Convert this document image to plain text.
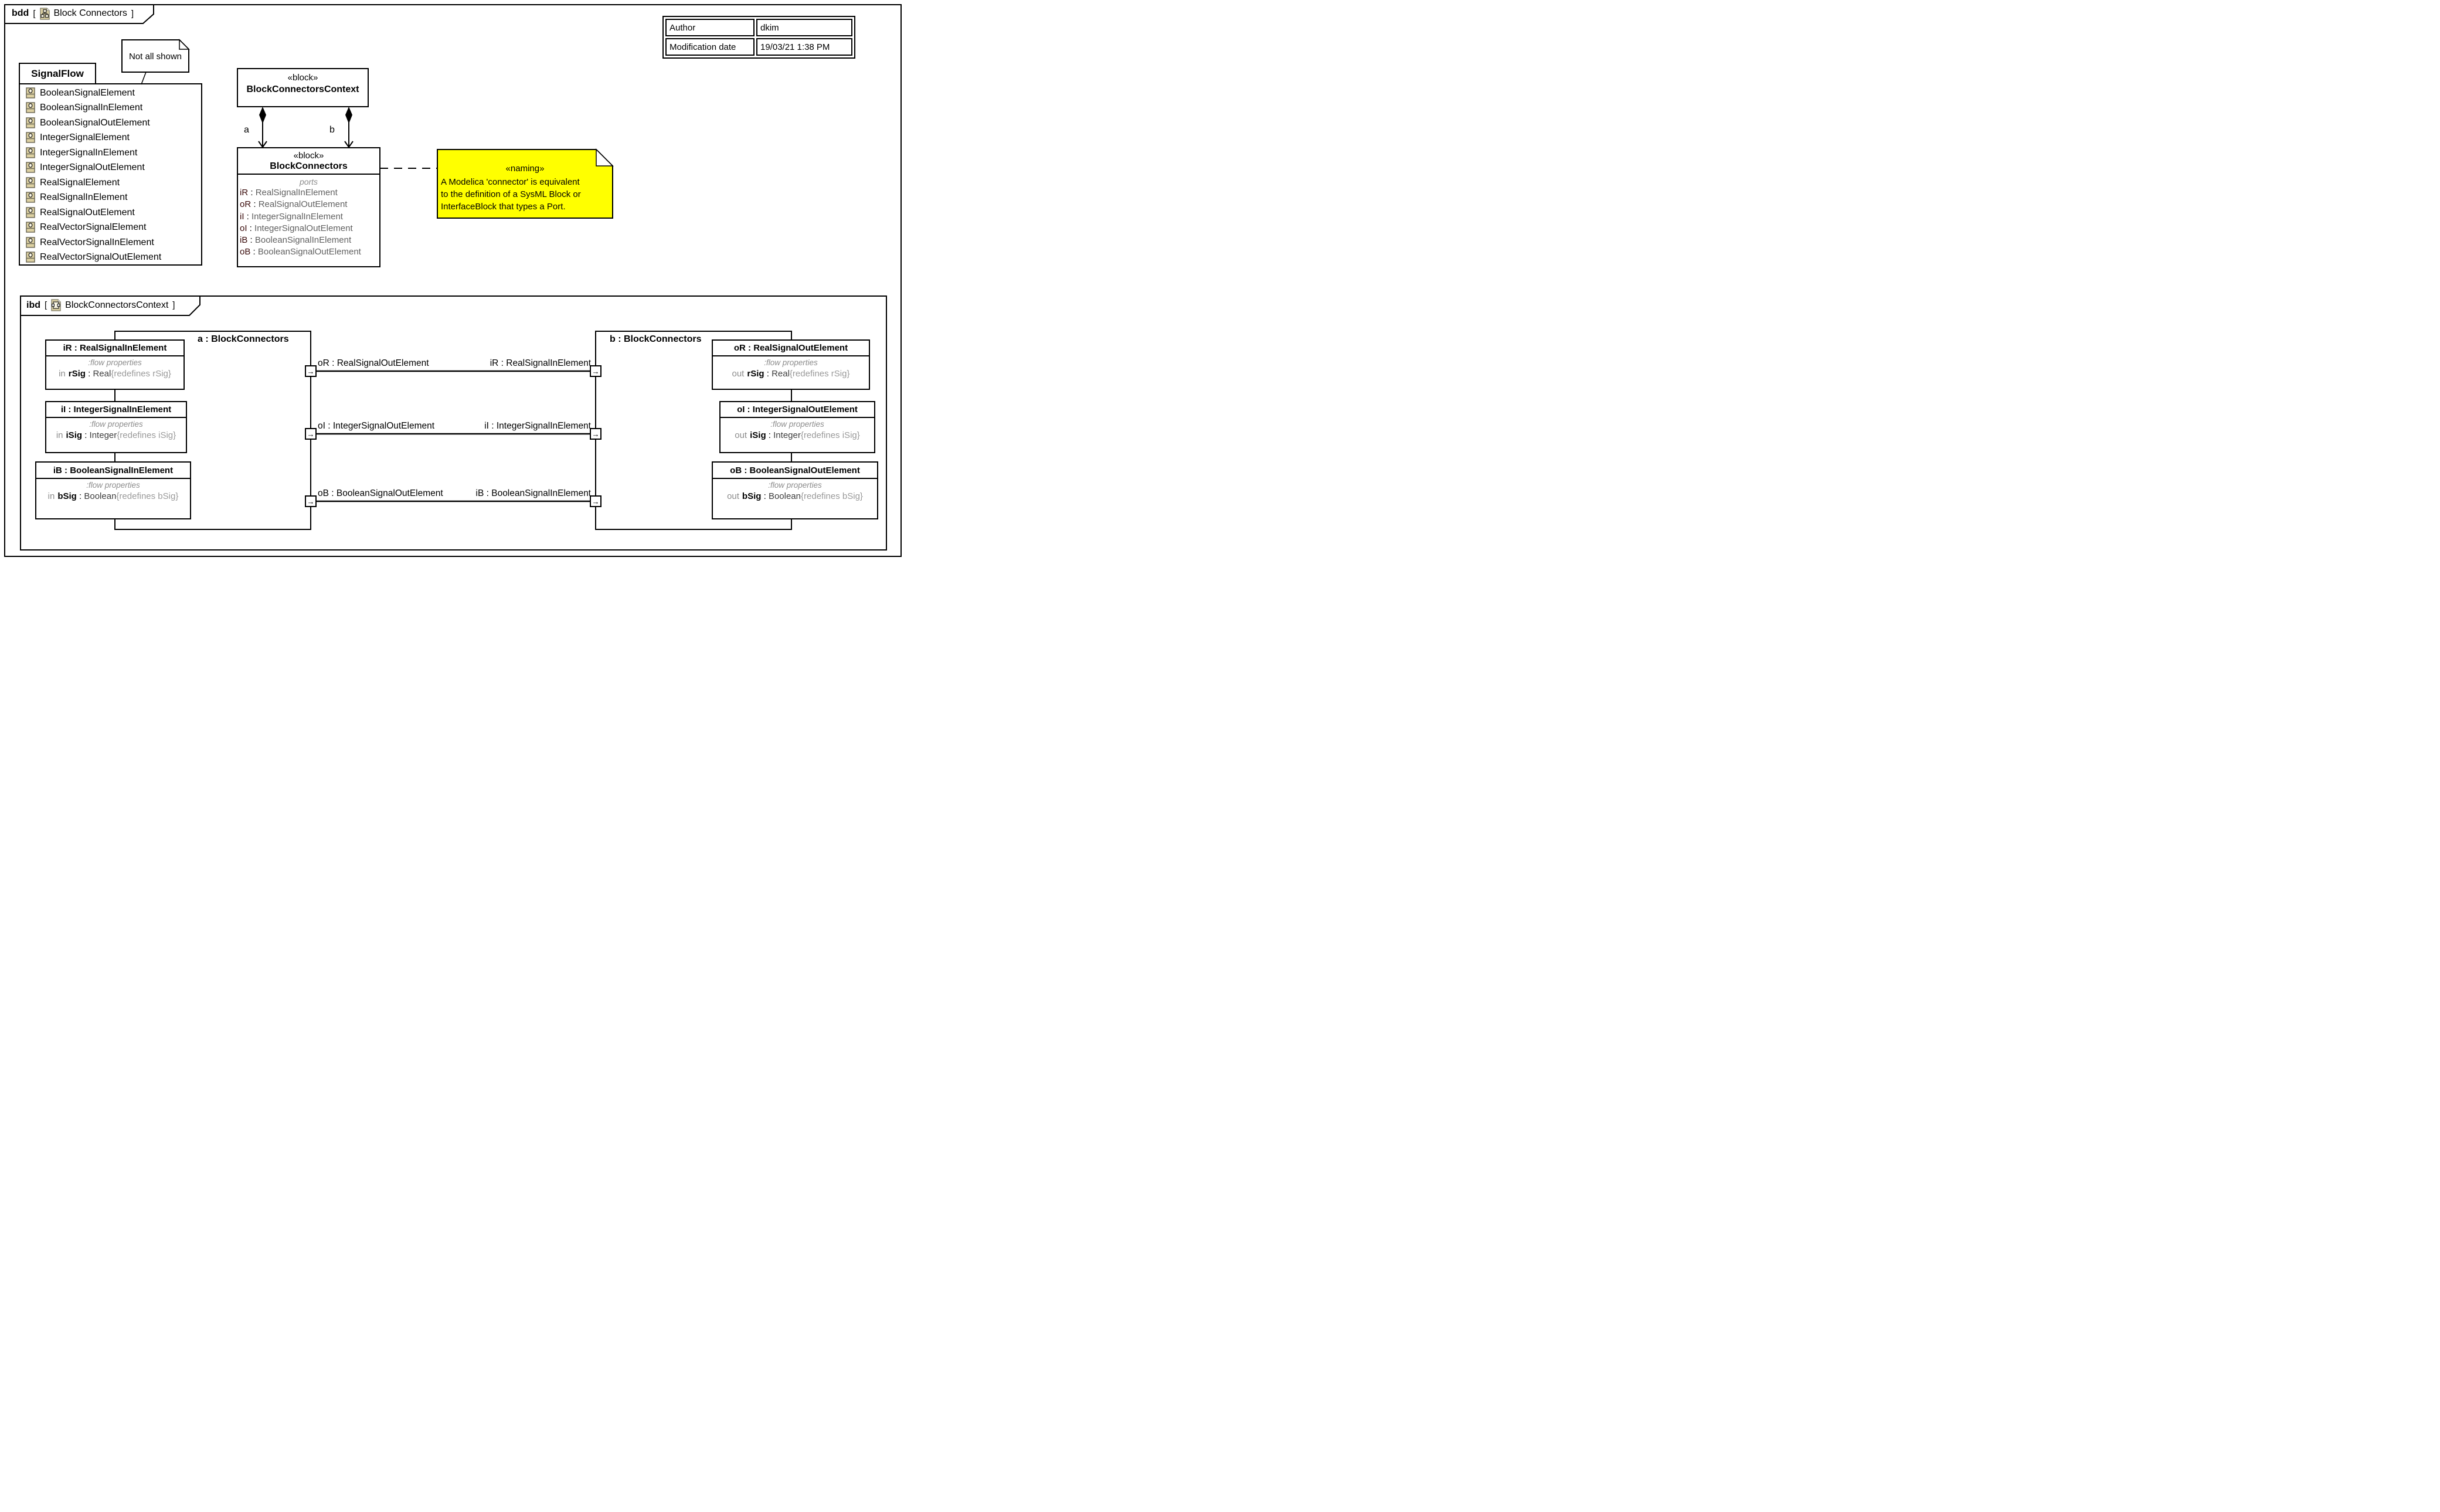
bdd [ Block Connectors ]
Author	dkim
Modification date	19/03/21 1:38 PM
Not all shown
SignalFlow
BooleanSignalElement
BooleanSignalInElement
BooleanSignalOutElement
IntegerSignalElement
IntegerSignalInElement
IntegerSignalOutElement
RealSignalElement
RealSignalInElement
RealSignalOutElement
RealVectorSignalElement
RealVectorSignalInElement
RealVectorSignalOutElement
«block»
BlockConnectorsContext
a	b
«block»
BlockConnectors
ports
iR : RealSignalInElement
oR : RealSignalOutElement
iI : IntegerSignalInElement
oI : IntegerSignalOutElement
iB : BooleanSignalInElement
oB : BooleanSignalOutElement
«naming»
A Modelica 'connector' is equivalent
to the definition of a SysML Block or
InterfaceBlock that types a Port.
ibd [ BlockConnectorsContext ]
a : BlockConnectors	b : BlockConnectors
iR : RealSignalInElement
:flow properties
in rSig : Real{redefines rSig}
iI : IntegerSignalInElement
:flow properties
in iSig : Integer{redefines iSig}
iB : BooleanSignalInElement
:flow properties
in bSig : Boolean{redefines bSig}
oR : RealSignalOutElement
:flow properties
out rSig : Real{redefines rSig}
oI : IntegerSignalOutElement
:flow properties
out iSig : Integer{redefines iSig}
oB : BooleanSignalOutElement
:flow properties
out bSig : Boolean{redefines bSig}
oR : RealSignalOutElement	iR : RealSignalInElement
oI : IntegerSignalOutElement	iI : IntegerSignalInElement
oB : BooleanSignalOutElement	iB : BooleanSignalInElement
→	→
→	→
→	→
